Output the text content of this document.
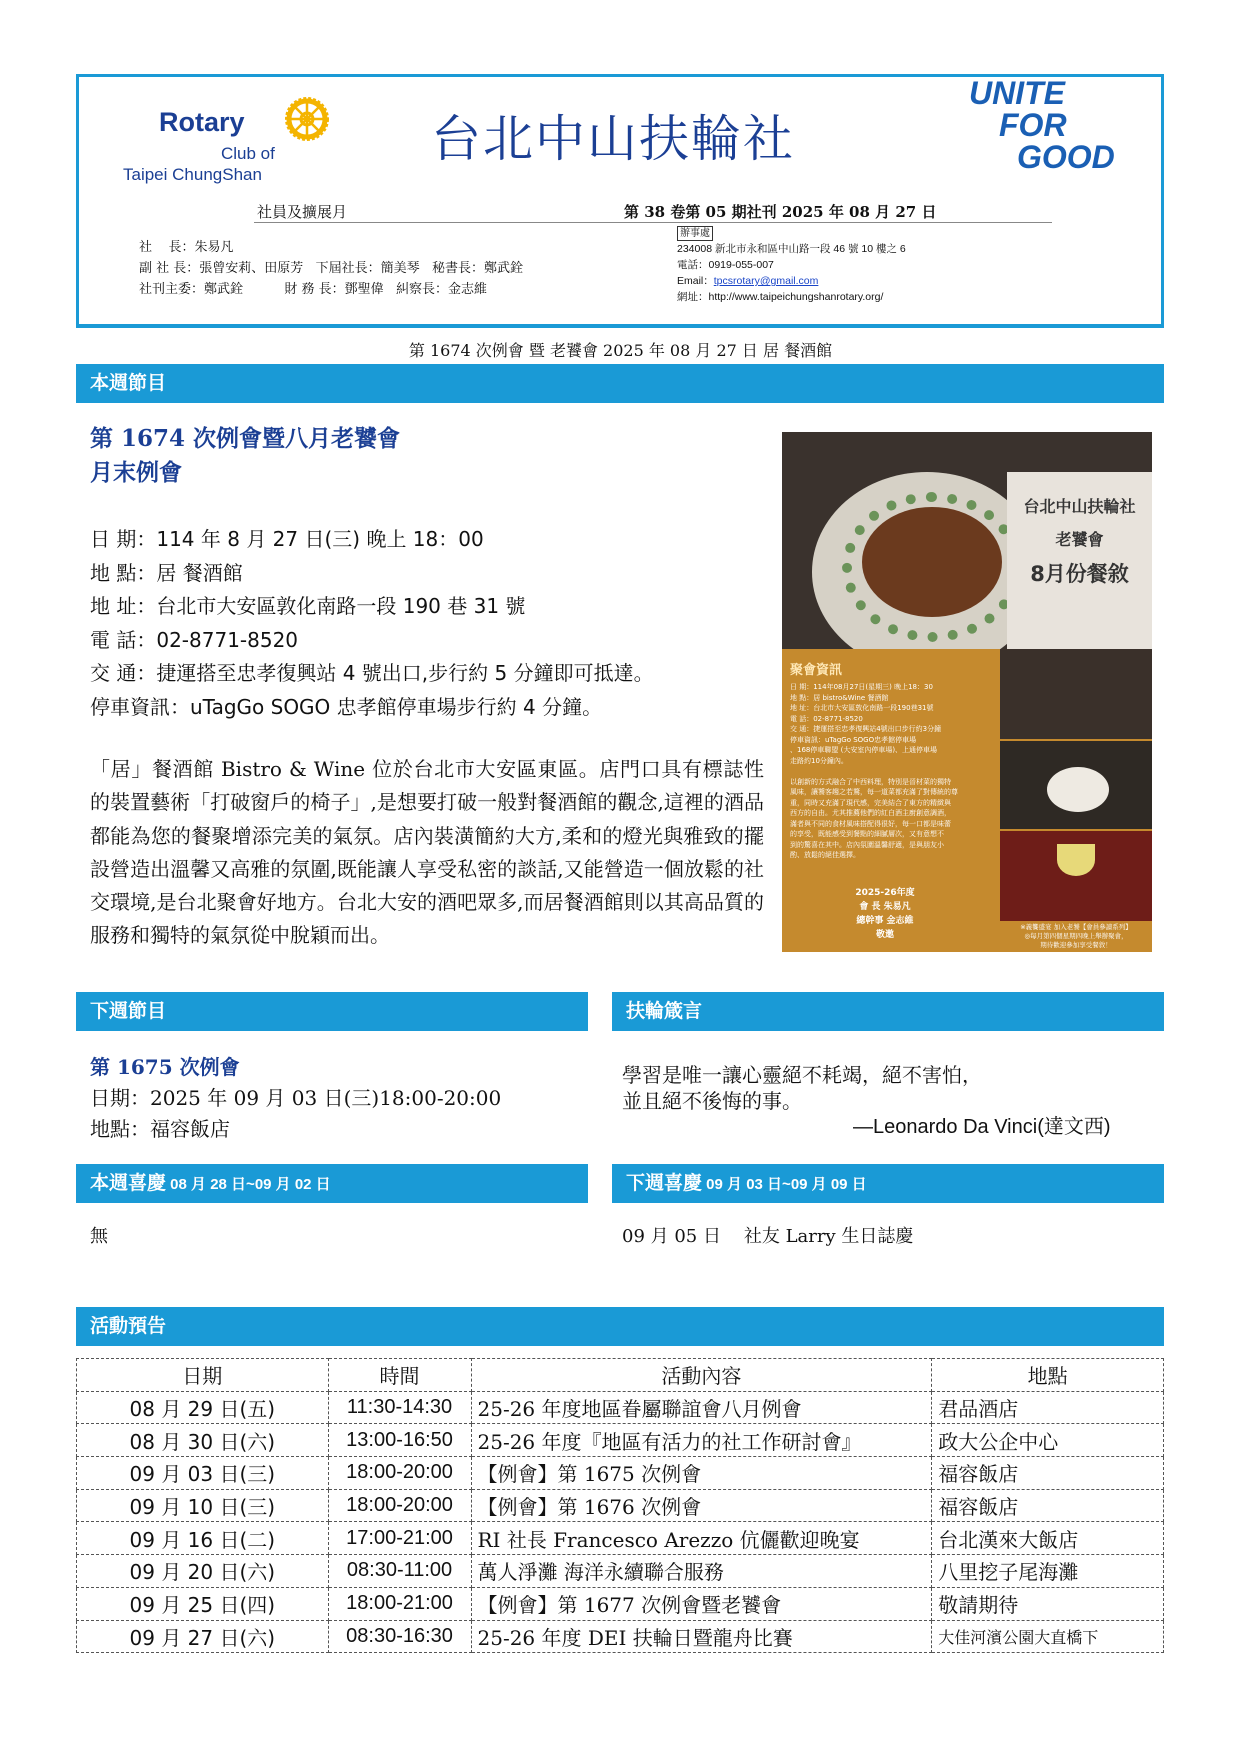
Rotary
Club of
Taipei ChungShan
台北中山扶輪社
UNITE
FOR
GOOD
社員及擴展月	第 38 卷第 05 期社刊 2025 年 08 月 27 日
社    長：朱易凡
副 社 長：張曾安莉、田原芳   下屆社長：簡美琴   秘書長：鄭武銓
社刊主委：鄭武銓          財 務 長：鄧聖偉   糾察長：金志維
辦事處
234008 新北市永和區中山路一段 46 號 10 樓之 6
電話：0919-055-007
Email：tpcsrotary@gmail.com
網址：http://www.taipeichungshanrotary.org/
第 1674 次例會 暨 老饕會 2025 年 08 月 27 日 居 餐酒館
本週節目
第 1674 次例會暨八月老饕會
月末例會
日 期：114 年 8 月 27 日(三) 晚上 18：00
地 點：居 餐酒館
地 址：台北市大安區敦化南路一段 190 巷 31 號
電 話：02-8771-8520
交 通：捷運搭至忠孝復興站 4 號出口,步行約 5 分鐘即可抵達。
停車資訊：uTagGo SOGO 忠孝館停車場步行約 4 分鐘。
「居」餐酒館 Bistro & Wine 位於台北市大安區東區。店門口具有標誌性的裝置藝術「打破窗戶的椅子」,是想要打破一般對餐酒館的觀念,這裡的酒品都能為您的餐聚增添完美的氣氛。店內裝潢簡約大方,柔和的燈光與雅致的擺設營造出溫馨又高雅的氛圍,既能讓人享受私密的談話,又能營造一個放鬆的社交環境,是台北聚會好地方。台北大安的酒吧眾多,而居餐酒館則以其高品質的服務和獨特的氣氛從中脫穎而出。
台北中山扶輪社
老饕會
8月份餐敘
聚會資訊
日 期：114年08月27日(星期三) 晚上18：30
地 點：居 bistro&Wine 餐酒館
地 址：台北市大安區敦化南路一段190巷31號
電 話：02-8771-8520
交 通：捷運搭至忠孝復興站4號出口步行約3分鐘
停車資訊：uTagGo SOGO忠孝館停車場
、168停車聯盟 (大安室內停車場)、上通停車場
走路約10分鐘內。

以創新的方式融合了中西料理，特別是晉材菜的獨特
風味，讓饕客趨之若鶩，每一道菜都充滿了對傳統的尊
重，同時又充滿了現代感，完美結合了東方的精緻與
西方的自由。尤其推薦他們的紅白酒主廚創意調酒，
滿者與不同的食材風味搭配得很好，每一口都是味蕾
的享受，既能感受到餐點的細膩層次，又有意想不
到的驚喜在其中。店內氛圍溫馨舒適，是與朋友小
酌、放鬆的絕佳選擇。
2025-26年度
會 長 朱易凡
總幹事 金志維
敬邀
※義饗盛宴 加入老饕【會員參讀系列】
◎每月第四個星期四晚上舉辦聚會，
期待歡迎參加享受餐敘！
下週節目	扶輪箴言
第 1675 次例會
日期：2025 年 09 月 03 日(三)18:00-20:00
地點：福容飯店
學習是唯一讓心靈絕不耗竭，絕不害怕，
並且絕不後悔的事。
—Leonardo Da Vinci(達文西)
本週喜慶 08 月 28 日~09 月 02 日	下週喜慶 09 月 03 日~09 月 09 日
無	09 月 05 日    社友 Larry 生日誌慶
活動預告
日期	時間	活動內容	地點
08 月 29 日(五)	11:30-14:30	25-26 年度地區眷屬聯誼會八月例會	君品酒店
08 月 30 日(六)	13:00-16:50	25-26 年度『地區有活力的社工作研討會』	政大公企中心
09 月 03 日(三)	18:00-20:00	【例會】第 1675 次例會	福容飯店
09 月 10 日(三)	18:00-20:00	【例會】第 1676 次例會	福容飯店
09 月 16 日(二)	17:00-21:00	RI 社長 Francesco Arezzo 伉儷歡迎晚宴	台北漢來大飯店
09 月 20 日(六)	08:30-11:00	萬人淨灘 海洋永續聯合服務	八里挖子尾海灘
09 月 25 日(四)	18:00-21:00	【例會】第 1677 次例會暨老饕會	敬請期待
09 月 27 日(六)	08:30-16:30	25-26 年度 DEI 扶輪日暨龍舟比賽	大佳河濱公園大直橋下
